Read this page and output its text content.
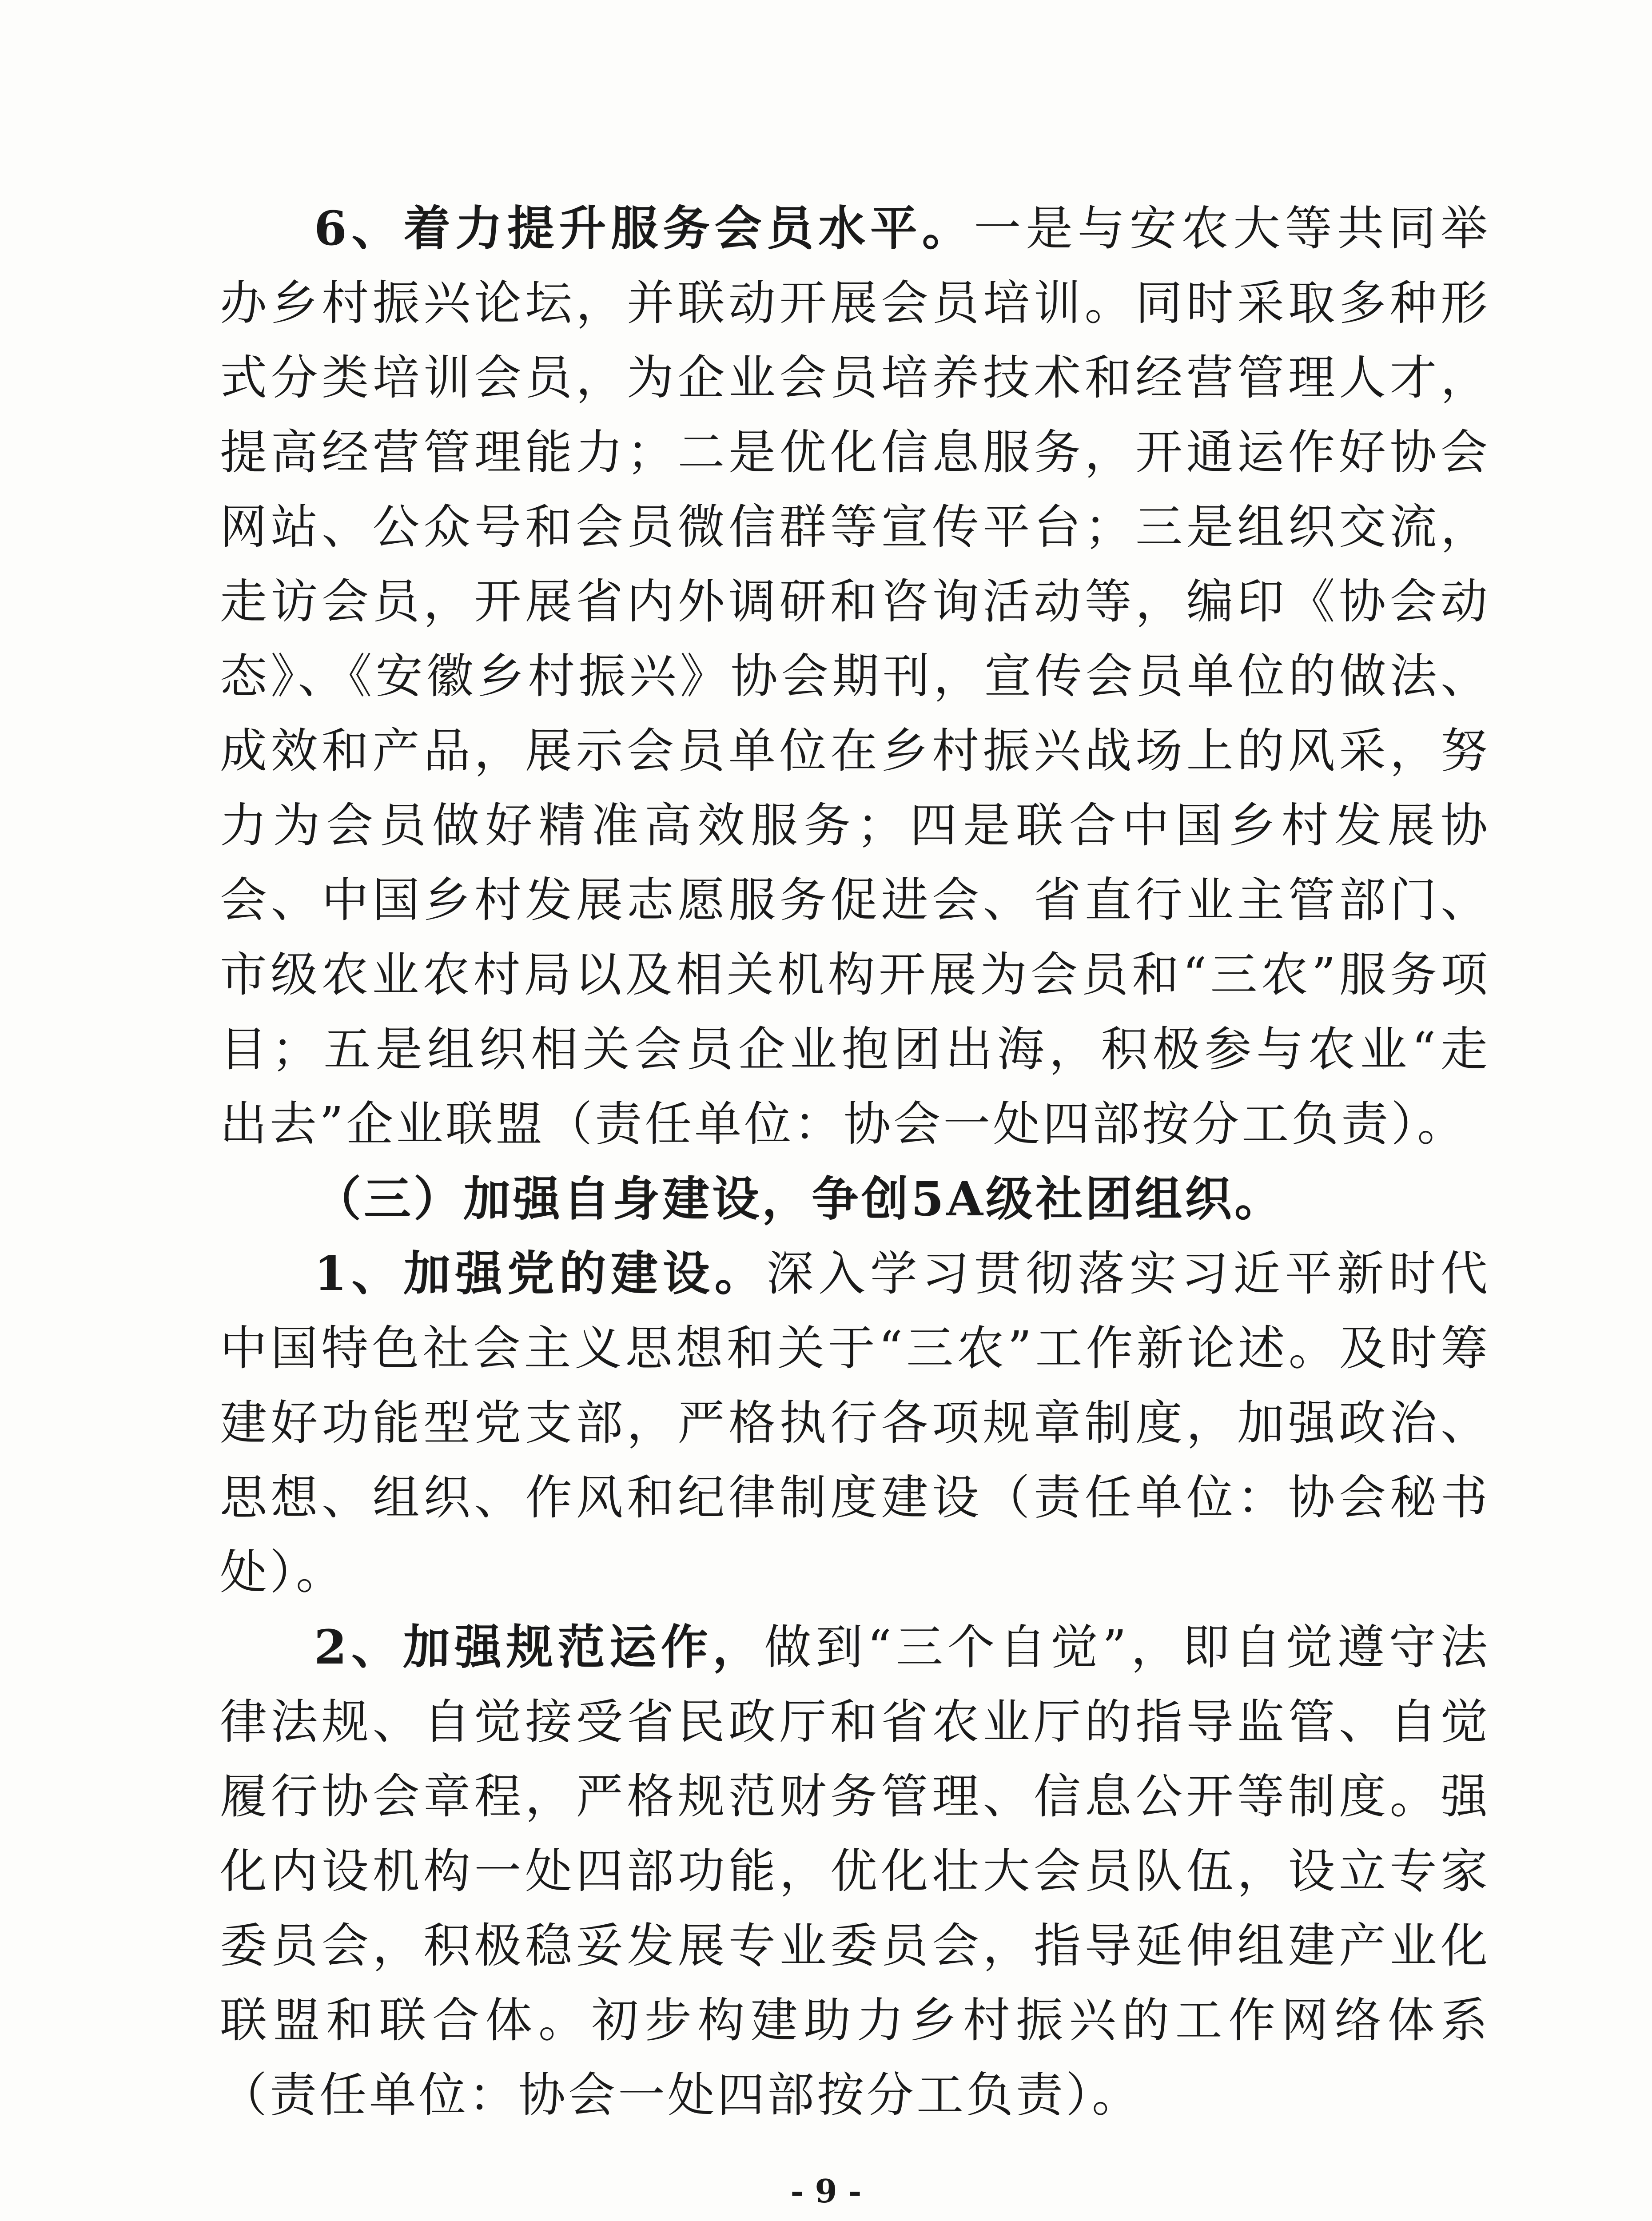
6、着力提升服务会员水平。一是与安农大等共同举办乡村振兴论坛，并联动开展会员培训。同时采取多种形式分类培训会员，为企业会员培养技术和经营管理人才，提高经营管理能力；二是优化信息服务，开通运作好协会网站、公众号和会员微信群等宣传平台；三是组织交流，走访会员，开展省内外调研和咨询活动等，编印《协会动态》、《安徽乡村振兴》协会期刊，宣传会员单位的做法、成效和产品，展示会员单位在乡村振兴战场上的风采，努力为会员做好精准高效服务；四是联合中国乡村发展协会、中国乡村发展志愿服务促进会、省直行业主管部门、市级农业农村局以及相关机构开展为会员和“三农”服务项目；五是组织相关会员企业抱团出海，积极参与农业“走出去”企业联盟（责任单位：协会一处四部按分工负责）。

（三）加强自身建设，争创5A级社团组织。

1、加强党的建设。深入学习贯彻落实习近平新时代中国特色社会主义思想和关于“三农”工作新论述。及时筹建好功能型党支部，严格执行各项规章制度，加强政治、思想、组织、作风和纪律制度建设（责任单位：协会秘书处）。

2、加强规范运作，做到“三个自觉”，即自觉遵守法律法规、自觉接受省民政厅和省农业厅的指导监管、自觉履行协会章程，严格规范财务管理、信息公开等制度。强化内设机构一处四部功能，优化壮大会员队伍，设立专家委员会，积极稳妥发展专业委员会，指导延伸组建产业化联盟和联合体。初步构建助力乡村振兴的工作网络体系（责任单位：协会一处四部按分工负责）。

- 9 -
